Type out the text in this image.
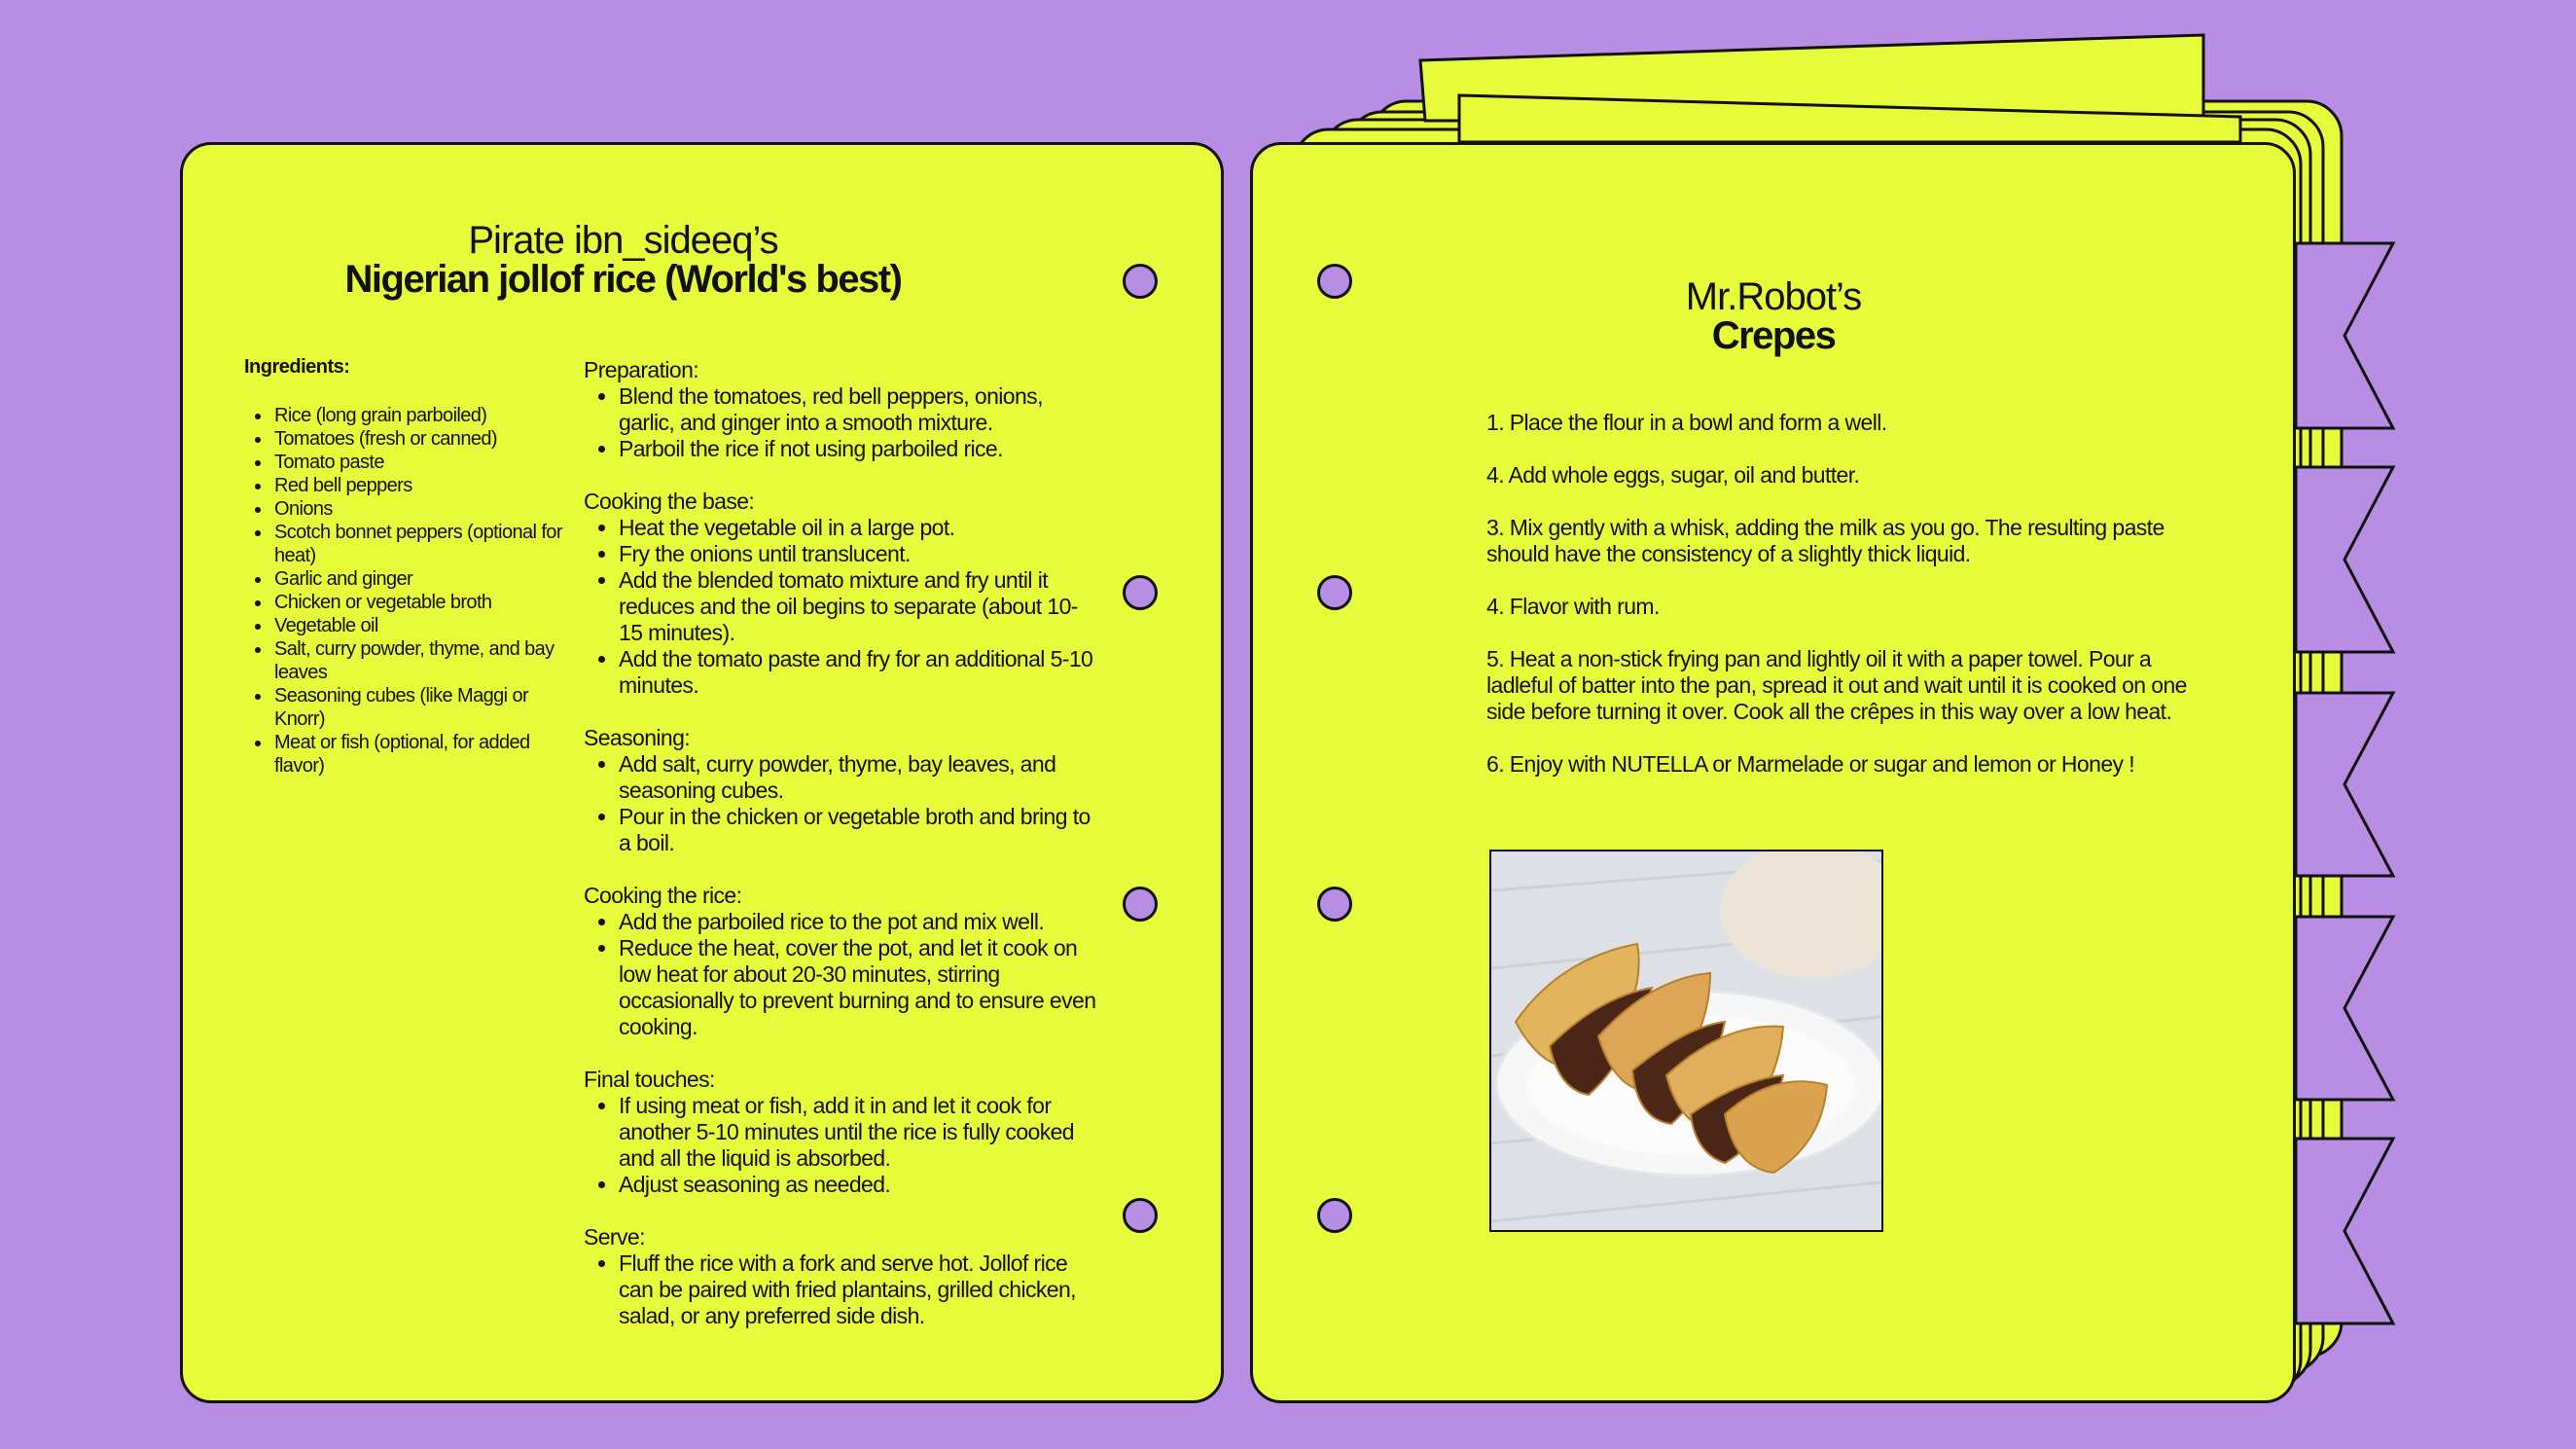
Pirate ibn_sideeq’s
Nigerian jollof rice (World's best)
Ingredients:
• Rice (long grain parboiled)
• Tomatoes (fresh or canned)
• Tomato paste
• Red bell peppers
• Onions
• Scotch bonnet peppers (optional for heat)
• Garlic and ginger
• Chicken or vegetable broth
• Vegetable oil
• Salt, curry powder, thyme, and bay leaves
• Seasoning cubes (like Maggi or Knorr)
• Meat or fish (optional, for added flavor)

Preparation:

• Blend the tomatoes, red bell peppers, onions, garlic, and ginger into a smooth mixture.
• Parboil the rice if not using parboiled rice.

Cooking the base:

• Heat the vegetable oil in a large pot.
• Fry the onions until translucent.
• Add the blended tomato mixture and fry until it reduces and the oil begins to separate (about 10-15 minutes).
• Add the tomato paste and fry for an additional 5-10 minutes.

Seasoning:

• Add salt, curry powder, thyme, bay leaves, and seasoning cubes.
• Pour in the chicken or vegetable broth and bring to a boil.

Cooking the rice:

• Add the parboiled rice to the pot and mix well.
• Reduce the heat, cover the pot, and let it cook on low heat for about 20-30 minutes, stirring occasionally to prevent burning and to ensure even cooking.

Final touches:

• If using meat or fish, add it in and let it cook for another 5-10 minutes until the rice is fully cooked and all the liquid is absorbed.
• Adjust seasoning as needed.

Serve:

• Fluff the rice with a fork and serve hot. Jollof rice can be paired with fried plantains, grilled chicken, salad, or any preferred side dish.
Mr.Robot’s
Crepes

1. Place the flour in a bowl and form a well.

4. Add whole eggs, sugar, oil and butter.

3. Mix gently with a whisk, adding the milk as you go. The resulting paste should have the consistency of a slightly thick liquid.

4. Flavor with rum.

5. Heat a non-stick frying pan and lightly oil it with a paper towel. Pour a ladleful of batter into the pan, spread it out and wait until it is cooked on one side before turning it over. Cook all the crêpes in this way over a low heat.

6. Enjoy with NUTELLA or Marmelade or sugar and lemon or Honey !
